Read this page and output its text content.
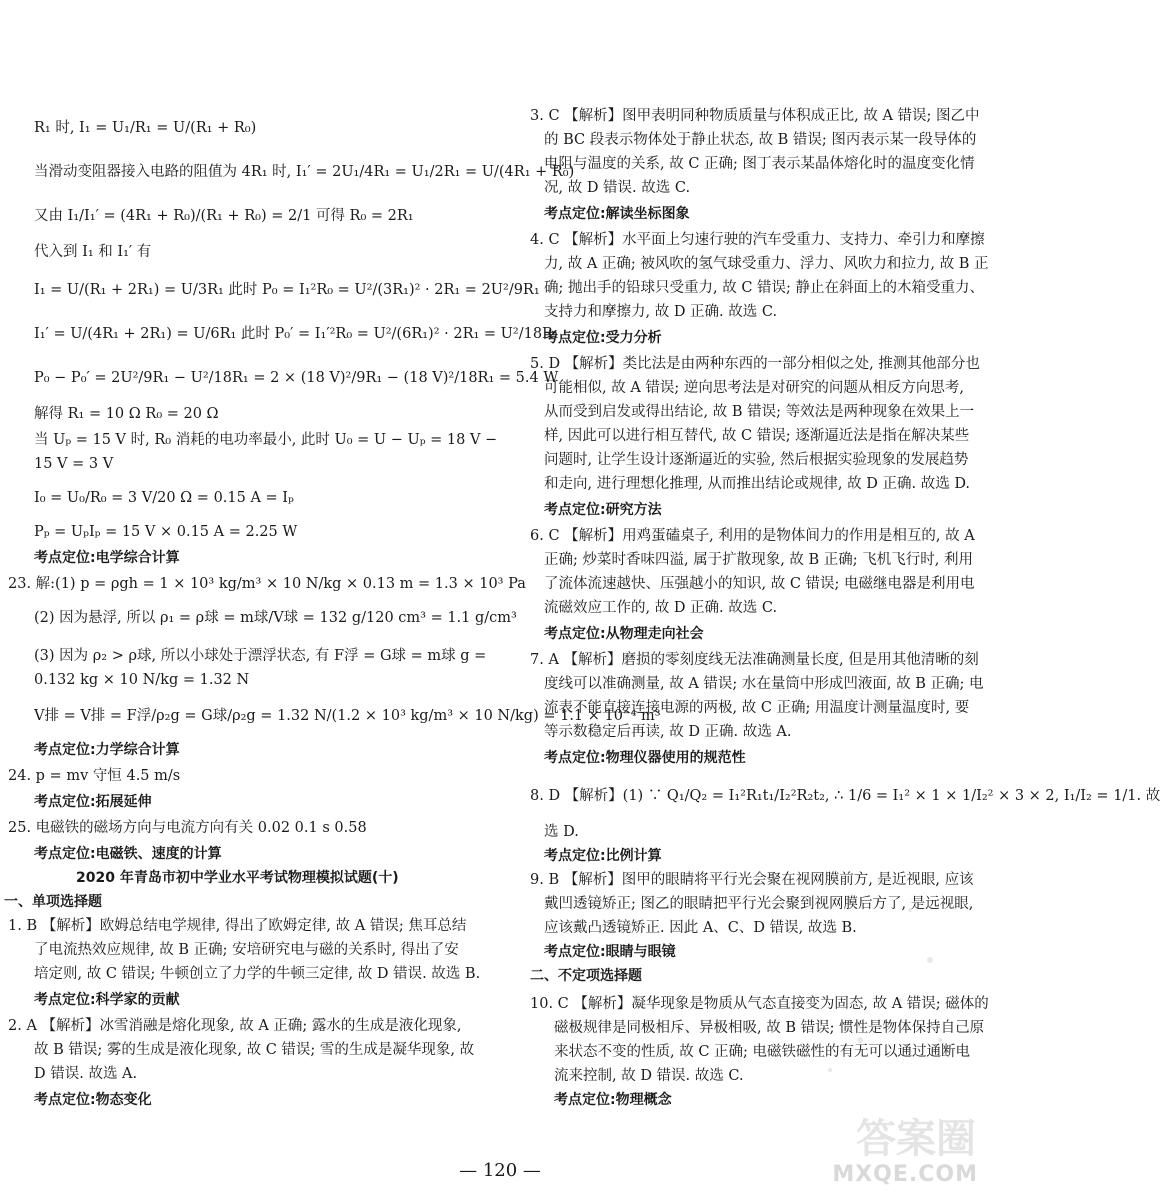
R₁ 时, I₁ = U₁/R₁ = U/(R₁ + R₀)
当滑动变阻器接入电路的阻值为 4R₁ 时, I₁′ = 2U₁/4R₁ = U₁/2R₁ = U/(4R₁ + R₀)
又由 I₁/I₁′ = (4R₁ + R₀)/(R₁ + R₀) = 2/1 可得 R₀ = 2R₁
代入到 I₁ 和 I₁′ 有
I₁ = U/(R₁ + 2R₁) = U/3R₁ 此时 P₀ = I₁²R₀ = U²/(3R₁)² · 2R₁ = 2U²/9R₁
I₁′ = U/(4R₁ + 2R₁) = U/6R₁ 此时 P₀′ = I₁′²R₀ = U²/(6R₁)² · 2R₁ = U²/18R₁
P₀ − P₀′ = 2U²/9R₁ − U²/18R₁ = 2 × (18 V)²/9R₁ − (18 V)²/18R₁ = 5.4 W
解得 R₁ = 10 Ω R₀ = 20 Ω
当 Uₚ = 15 V 时, R₀ 消耗的电功率最小, 此时 U₀ = U − Uₚ = 18 V −
15 V = 3 V
I₀ = U₀/R₀ = 3 V/20 Ω = 0.15 A = Iₚ
Pₚ = UₚIₚ = 15 V × 0.15 A = 2.25 W
考点定位:电学综合计算
23. 解:(1) p = ρgh = 1 × 10³ kg/m³ × 10 N/kg × 0.13 m = 1.3 × 10³ Pa
(2) 因为悬浮, 所以 ρ₁ = ρ球 = m球/V球 = 132 g/120 cm³ = 1.1 g/cm³
(3) 因为 ρ₂ > ρ球, 所以小球处于漂浮状态, 有 F浮 = G球 = m球 g =
0.132 kg × 10 N/kg = 1.32 N
V排 = V排 = F浮/ρ₂g = G球/ρ₂g = 1.32 N/(1.2 × 10³ kg/m³ × 10 N/kg) = 1.1 × 10⁻⁴ m³
考点定位:力学综合计算
24. p = mv 守恒 4.5 m/s
考点定位:拓展延伸
25. 电磁铁的磁场方向与电流方向有关 0.02 0.1 s 0.58
考点定位:电磁铁、速度的计算
2020 年青岛市初中学业水平考试物理模拟试题(十)
一、单项选择题
1. B 【解析】欧姆总结电学规律, 得出了欧姆定律, 故 A 错误; 焦耳总结
了电流热效应规律, 故 B 正确; 安培研究电与磁的关系时, 得出了安
培定则, 故 C 错误; 牛顿创立了力学的牛顿三定律, 故 D 错误. 故选 B.
考点定位:科学家的贡献
2. A 【解析】冰雪消融是熔化现象, 故 A 正确; 露水的生成是液化现象,
故 B 错误; 雾的生成是液化现象, 故 C 错误; 雪的生成是凝华现象, 故
D 错误. 故选 A.
考点定位:物态变化
3. C 【解析】图甲表明同种物质质量与体积成正比, 故 A 错误; 图乙中
的 BC 段表示物体处于静止状态, 故 B 错误; 图丙表示某一段导体的
电阻与温度的关系, 故 C 正确; 图丁表示某晶体熔化时的温度变化情
况, 故 D 错误. 故选 C.
考点定位:解读坐标图象
4. C 【解析】水平面上匀速行驶的汽车受重力、支持力、牵引力和摩擦
力, 故 A 正确; 被风吹的氢气球受重力、浮力、风吹力和拉力, 故 B 正
确; 抛出手的铅球只受重力, 故 C 错误; 静止在斜面上的木箱受重力、
支持力和摩擦力, 故 D 正确. 故选 C.
考点定位:受力分析
5. D 【解析】类比法是由两种东西的一部分相似之处, 推测其他部分也
可能相似, 故 A 错误; 逆向思考法是对研究的问题从相反方向思考,
从而受到启发或得出结论, 故 B 错误; 等效法是两种现象在效果上一
样, 因此可以进行相互替代, 故 C 错误; 逐渐逼近法是指在解决某些
问题时, 让学生设计逐渐逼近的实验, 然后根据实验现象的发展趋势
和走向, 进行理想化推理, 从而推出结论或规律, 故 D 正确. 故选 D.
考点定位:研究方法
6. C 【解析】用鸡蛋磕桌子, 利用的是物体间力的作用是相互的, 故 A
正确; 炒菜时香味四溢, 属于扩散现象, 故 B 正确; 飞机飞行时, 利用
了流体流速越快、压强越小的知识, 故 C 错误; 电磁继电器是利用电
流磁效应工作的, 故 D 正确. 故选 C.
考点定位:从物理走向社会
7. A 【解析】磨损的零刻度线无法准确测量长度, 但是用其他清晰的刻
度线可以准确测量, 故 A 错误; 水在量筒中形成凹液面, 故 B 正确; 电
流表不能直接连接电源的两极, 故 C 正确; 用温度计测量温度时, 要
等示数稳定后再读, 故 D 正确. 故选 A.
考点定位:物理仪器使用的规范性
8. D 【解析】(1) ∵ Q₁/Q₂ = I₁²R₁t₁/I₂²R₂t₂, ∴ 1/6 = I₁² × 1 × 1/I₂² × 3 × 2, I₁/I₂ = 1/1. 故
选 D.
考点定位:比例计算
9. B 【解析】图甲的眼睛将平行光会聚在视网膜前方, 是近视眼, 应该
戴凹透镜矫正; 图乙的眼睛把平行光会聚到视网膜后方了, 是远视眼,
应该戴凸透镜矫正. 因此 A、C、D 错误, 故选 B.
考点定位:眼睛与眼镜
二、不定项选择题
10. C 【解析】凝华现象是物质从气态直接变为固态, 故 A 错误; 磁体的
磁极规律是同极相斥、异极相吸, 故 B 错误; 惯性是物体保持自己原
来状态不变的性质, 故 C 正确; 电磁铁磁性的有无可以通过通断电
流来控制, 故 D 错误. 故选 C.
考点定位:物理概念
— 120 —
答案圈
MXQE.COM
